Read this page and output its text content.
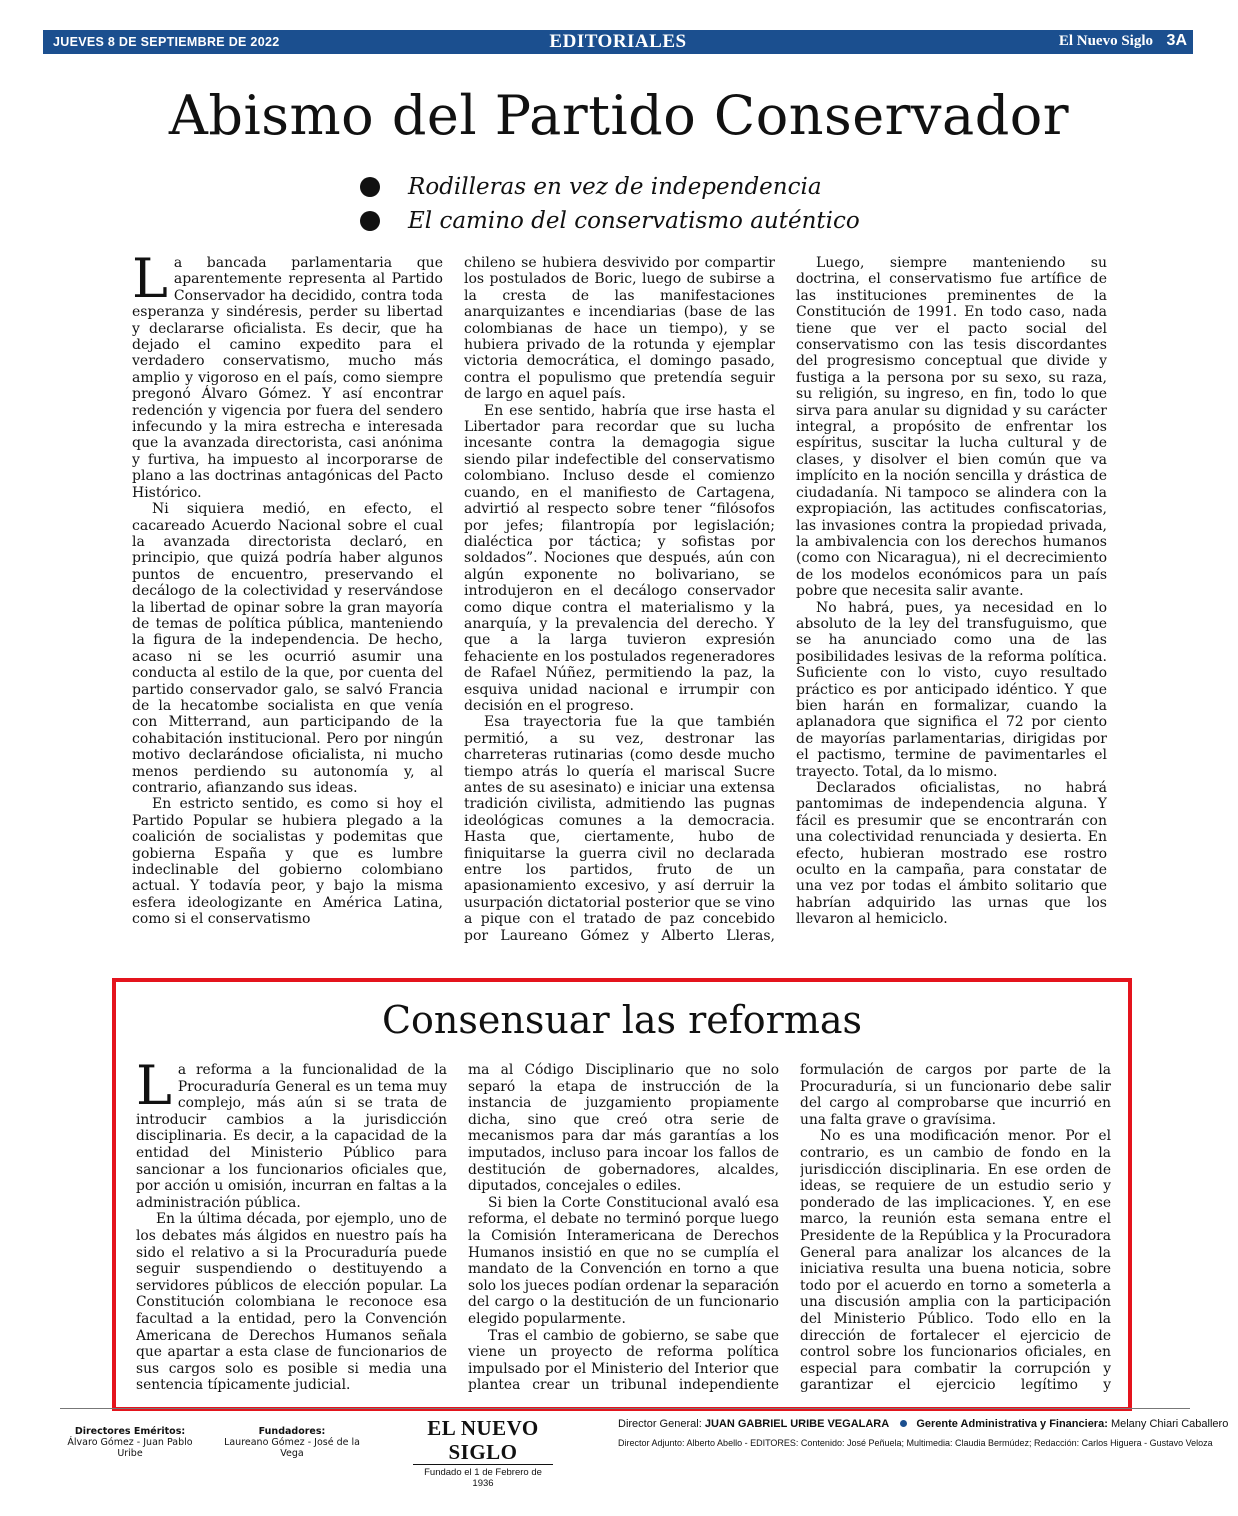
JUEVES 8 DE SEPTIEMBRE DE 2022	EDITORIALES	El Nuevo Siglo 3A
Abismo del Partido Conservador
Rodilleras en vez de independencia
El camino del conservatismo auténtico

La bancada parlamentaria que aparentemente representa al Partido Conservador ha decidido, contra toda esperanza y sindéresis, perder su libertad y declararse oficialista. Es decir, que ha dejado el camino expedito para el verdadero conservatismo, mucho más amplio y vigoroso en el país, como siempre pregonó Álvaro Gómez. Y así encontrar redención y vigencia por fuera del sendero infecundo y la mira estrecha e interesada que la avanzada directorista, casi anónima y furtiva, ha impuesto al incorporarse de plano a las doctrinas antagónicas del Pacto Histórico.

Ni siquiera medió, en efecto, el cacareado Acuerdo Nacional sobre el cual la avanzada directorista declaró, en principio, que quizá podría haber algunos puntos de encuentro, preservando el decálogo de la colectividad y reservándose la libertad de opinar sobre la gran mayoría de temas de política pública, manteniendo la figura de la independencia. De hecho, acaso ni se les ocurrió asumir una conducta al estilo de la que, por cuenta del partido conservador galo, se salvó Francia de la hecatombe socialista en que venía con Mitterrand, aun participando de la cohabitación institucional. Pero por ningún motivo declarándose oficialista, ni mucho menos perdiendo su autonomía y, al contrario, afianzando sus ideas.

En estricto sentido, es como si hoy el Partido Popular se hubiera plegado a la coalición de socialistas y podemitas que gobierna España y que es lumbre indeclinable del gobierno colombiano actual. Y todavía peor, y bajo la misma esfera ideologizante en América Latina, como si el conservatismo

chileno se hubiera desvivido por compartir los postulados de Boric, luego de subirse a la cresta de las manifestaciones anarquizantes e incendiarias (base de las colombianas de hace un tiempo), y se hubiera privado de la rotunda y ejemplar victoria democrática, el domingo pasado, contra el populismo que pretendía seguir de largo en aquel país.

En ese sentido, habría que irse hasta el Libertador para recordar que su lucha incesante contra la demagogia sigue siendo pilar indefectible del conservatismo colombiano. Incluso desde el comienzo cuando, en el manifiesto de Cartagena, advirtió al respecto sobre tener “filósofos por jefes; filantropía por legislación; dialéctica por táctica; y sofistas por soldados”. Nociones que después, aún con algún exponente no bolivariano, se introdujeron en el decálogo conservador como dique contra el materialismo y la anarquía, y la prevalencia del derecho. Y que a la larga tuvieron expresión fehaciente en los postulados regeneradores de Rafael Núñez, permitiendo la paz, la esquiva unidad nacional e irrumpir con decisión en el progreso.

Esa trayectoria fue la que también permitió, a su vez, destronar las charreteras rutinarias (como desde mucho tiempo atrás lo quería el mariscal Sucre antes de su asesinato) e iniciar una extensa tradición civilista, admitiendo las pugnas ideológicas comunes a la democracia. Hasta que, ciertamente, hubo de finiquitarse la guerra civil no declarada entre los partidos, fruto de un apasionamiento excesivo, y así derruir la usurpación dictatorial posterior que se vino a pique con el tratado de paz concebido por Laureano Gómez y Alberto Lleras,

Luego, siempre manteniendo su doctrina, el conservatismo fue artífice de las instituciones preminentes de la Constitución de 1991. En todo caso, nada tiene que ver el pacto social del conservatismo con las tesis discordantes del progresismo conceptual que divide y fustiga a la persona por su sexo, su raza, su religión, su ingreso, en fin, todo lo que sirva para anular su dignidad y su carácter integral, a propósito de enfrentar los espíritus, suscitar la lucha cultural y de clases, y disolver el bien común que va implícito en la noción sencilla y drástica de ciudadanía. Ni tampoco se alindera con la expropiación, las actitudes confiscatorias, las invasiones contra la propiedad privada, la ambivalencia con los derechos humanos (como con Nicaragua), ni el decrecimiento de los modelos económicos para un país pobre que necesita salir avante.

No habrá, pues, ya necesidad en lo absoluto de la ley del transfuguismo, que se ha anunciado como una de las posibilidades lesivas de la reforma política. Suficiente con lo visto, cuyo resultado práctico es por anticipado idéntico. Y que bien harán en formalizar, cuando la aplanadora que significa el 72 por ciento de mayorías parlamentarias, dirigidas por el pactismo, termine de pavimentarles el trayecto. Total, da lo mismo.

Declarados oficialistas, no habrá pantomimas de independencia alguna. Y fácil es presumir que se encontrarán con una colectividad renunciada y desierta. En efecto, hubieran mostrado ese rostro oculto en la campaña, para constatar de una vez por todas el ámbito solitario que habrían adquirido las urnas que los llevaron al hemiciclo.

Consensuar las reformas

La reforma a la funcionalidad de la Procuraduría General es un tema muy complejo, más aún si se trata de introducir cambios a la jurisdicción disciplinaria. Es decir, a la capacidad de la entidad del Ministerio Público para sancionar a los funcionarios oficiales que, por acción u omisión, incurran en faltas a la administración pública.

En la última década, por ejemplo, uno de los debates más álgidos en nuestro país ha sido el relativo a si la Procuraduría puede seguir suspendiendo o destituyendo a servidores públicos de elección popular. La Constitución colombiana le reconoce esa facultad a la entidad, pero la Convención Americana de Derechos Humanos señala que apartar a esta clase de funcionarios de sus cargos solo es posible si media una sentencia típicamente judicial.

ma al Código Disciplinario que no solo separó la etapa de instrucción de la instancia de juzgamiento propiamente dicha, sino que creó otra serie de mecanismos para dar más garantías a los imputados, incluso para incoar los fallos de destitución de gobernadores, alcaldes, diputados, concejales o ediles.

Si bien la Corte Constitucional avaló esa reforma, el debate no terminó porque luego la Comisión Interamericana de Derechos Humanos insistió en que no se cumplía el mandato de la Convención en torno a que solo los jueces podían ordenar la separación del cargo o la destitución de un funcionario elegido popularmente.

Tras el cambio de gobierno, se sabe que viene un proyecto de reforma política impulsado por el Ministerio del Interior que plantea crear un tribunal independiente

formulación de cargos por parte de la Procuraduría, si un funcionario debe salir del cargo al comprobarse que incurrió en una falta grave o gravísima.

No es una modificación menor. Por el contrario, es un cambio de fondo en la jurisdicción disciplinaria. En ese orden de ideas, se requiere de un estudio serio y ponderado de las implicaciones. Y, en ese marco, la reunión esta semana entre el Presidente de la República y la Procuradora General para analizar los alcances de la iniciativa resulta una buena noticia, sobre todo por el acuerdo en torno a someterla a una discusión amplia con la participación del Ministerio Público. Todo ello en la dirección de fortalecer el ejercicio de control sobre los funcionarios oficiales, en especial para combatir la corrupción y garantizar el ejercicio legítimo y

Directores Eméritos:
Álvaro Gómez - Juan Pablo Uribe
Fundadores:
Laureano Gómez - José de la Vega
EL NUEVO SIGLO
Fundado el 1 de Febrero de 1936
Director General: JUAN GABRIEL URIBE VEGALARA Gerente Administrativa y Financiera: Melany Chiari Caballero
Director Adjunto: Alberto Abello - EDITORES: Contenido: José Peñuela; Multimedia: Claudia Bermúdez; Redacción: Carlos Higuera - Gustavo Veloza
